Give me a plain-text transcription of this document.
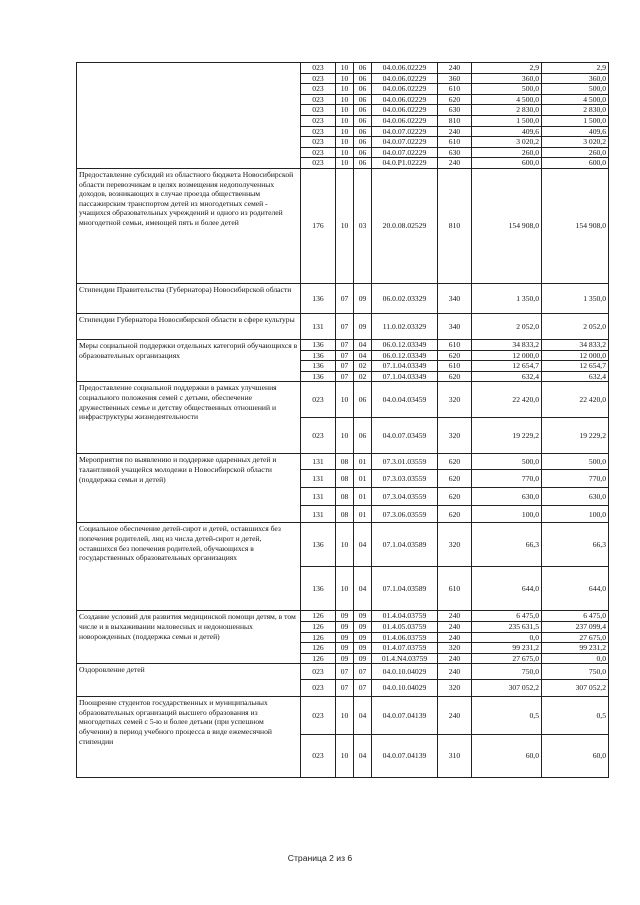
	023	10	06	04.0.06.02229	240	2,9	2,9
	023	10	06	04.0.06.02229	360	360,0	360,0
	023	10	06	04.0.06.02229	610	500,0	500,0
	023	10	06	04.0.06.02229	620	4 500,0	4 500,0
	023	10	06	04.0.06.02229	630	2 830,0	2 830,0
	023	10	06	04.0.06.02229	810	1 500,0	1 500,0
	023	10	06	04.0.07.02229	240	409,6	409,6
	023	10	06	04.0.07.02229	610	3 020,2	3 020,2
	023	10	06	04.0.07.02229	630	260,0	260,0
	023	10	06	04.0.P1.02229	240	600,0	600,0
Предоставление субсидий из областного бюджета Новосибирской области перевозчикам в целях возмещения недополученных доходов, возникающих в случае проезда общественным пассажирским транспортом детей из многодетных семей - учащихся образовательных учреждений и одного из родителей многодетной семьи, имеющей пять и более детей	176	10	03	20.0.08.02529	810	154 908,0	154 908,0
Стипендии Правительства (Губернатора) Новосибирской области	136	07	09	06.0.02.03329	340	1 350,0	1 350,0
Стипендии Губернатора Новосибирской области в сфере культуры	131	07	09	11.0.02.03329	340	2 052,0	2 052,0
Меры социальной поддержки отдельных категорий обучающихся в образовательных организациях	136	07	04	06.0.12.03349	610	34 833,2	34 833,2
	136	07	04	06.0.12.03349	620	12 000,0	12 000,0
	136	07	02	07.1.04.03349	610	12 654,7	12 654,7
	136	07	02	07.1.04.03349	620	632,4	632,4
Предоставление социальной поддержки в рамках улучшения социального положения семей с детьми, обеспечение дружественных семье и детству общественных отношений и инфраструктуры жизнедеятельности	023	10	06	04.0.04.03459	320	22 420,0	22 420,0
	023	10	06	04.0.07.03459	320	19 229,2	19 229,2
Мероприятия по выявлению и поддержке одаренных детей и талантливой учащейся молодежи в Новосибирской области (поддержка семьи и детей)	131	08	01	07.3.01.03559	620	500,0	500,0
	131	08	01	07.3.03.03559	620	770,0	770,0
	131	08	01	07.3.04.03559	620	630,0	630,0
	131	08	01	07.3.06.03559	620	100,0	100,0
Социальное обеспечение детей-сирот и детей, оставшихся без попечения родителей, лиц из числа детей-сирот и детей, оставшихся без попечения родителей, обучающихся в государственных образовательных организациях	136	10	04	07.1.04.03589	320	66,3	66,3
	136	10	04	07.1.04.03589	610	644,0	644,0
Создание условий для развития медицинской помощи детям, в том числе и в выхаживании маловесных и недоношенных новорожденных (поддержка семьи и детей)	126	09	09	01.4.04.03759	240	6 475,0	6 475,0
	126	09	09	01.4.05.03759	240	235 631,5	237 099,4
	126	09	09	01.4.06.03759	240	0,0	27 675,0
	126	09	09	01.4.07.03759	320	99 231,2	99 231,2
	126	09	09	01.4.N4.03759	240	27 675,0	0,0
Оздоровление детей	023	07	07	04.0.10.04029	240	750,0	750,0
	023	07	07	04.0.10.04029	320	307 052,2	307 052,2
Поощрение студентов государственных и муниципальных образовательных организаций высшего образования из многодетных семей с 5-ю и более детьми (при успешном обучении) в период учебного процесса в виде ежемесячной стипендии	023	10	04	04.0.07.04139	240	0,5	0,5
	023	10	04	04.0.07.04139	310	60,0	60,0
Страница 2 из 6
